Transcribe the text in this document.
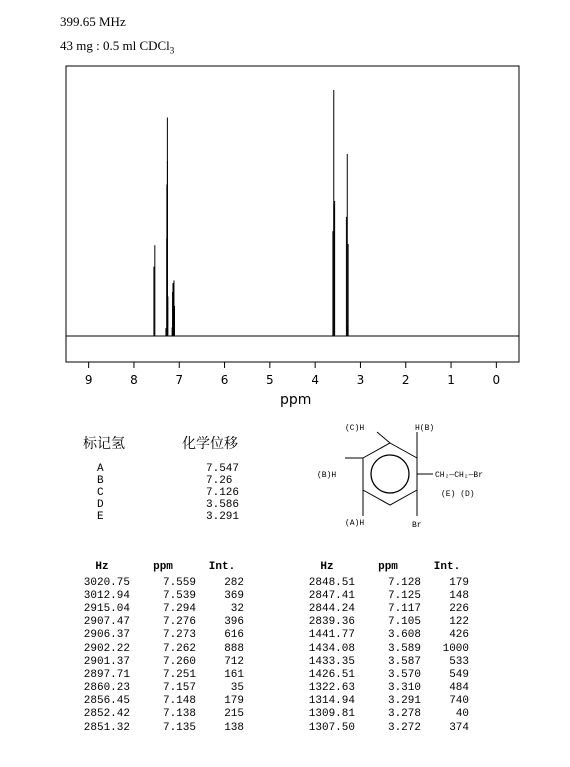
399.65 MHz
43 mg : 0.5 ml CDCl$_3$
9	8	7	6	5	4	3	2	1	0
ppm
标记氢	化学位移
A	7.547
B	7.26
C	7.126
D	3.586
E	3.291
(C)H	H(B)
(B)H
(A)H	Br
CH₂—CH₂—Br
(E) (D)
Hz	ppm	Int.
3020.75	7.559	282
3012.94	7.539	369
2915.04	7.294	32
2907.47	7.276	396
2906.37	7.273	616
2902.22	7.262	888
2901.37	7.260	712
2897.71	7.251	161
2860.23	7.157	35
2856.45	7.148	179
2852.42	7.138	215
2851.32	7.135	138
Hz	ppm	Int.
2848.51	7.128	179
2847.41	7.125	148
2844.24	7.117	226
2839.36	7.105	122
1441.77	3.608	426
1434.08	3.589	1000
1433.35	3.587	533
1426.51	3.570	549
1322.63	3.310	484
1314.94	3.291	740
1309.81	3.278	40
1307.50	3.272	374
